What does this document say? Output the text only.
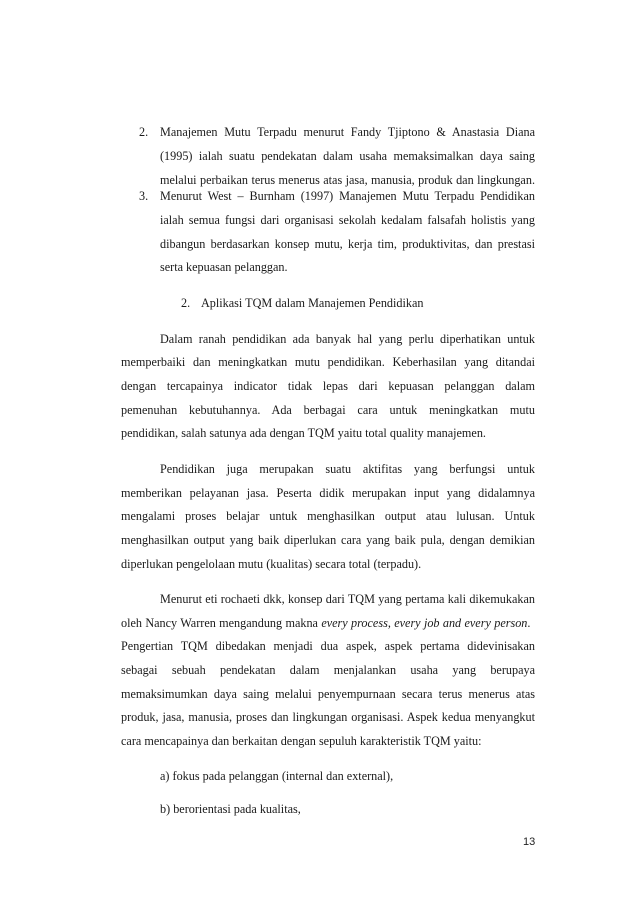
2. Manajemen Mutu Terpadu menurut Fandy Tjiptono & Anastasia Diana
(1995) ialah suatu pendekatan dalam usaha memaksimalkan daya saing
melalui perbaikan terus menerus atas jasa, manusia, produk dan lingkungan.
3. Menurut West – Burnham (1997) Manajemen Mutu Terpadu Pendidikan
ialah semua fungsi dari organisasi sekolah kedalam falsafah holistis yang
dibangun berdasarkan konsep mutu, kerja tim, produktivitas, dan prestasi
serta kepuasan pelanggan.
2. Aplikasi TQM dalam Manajemen Pendidikan
Dalam ranah pendidikan ada banyak hal yang perlu diperhatikan untuk
memperbaiki dan meningkatkan mutu pendidikan. Keberhasilan yang ditandai
dengan tercapainya indicator tidak lepas dari kepuasan pelanggan dalam
pemenuhan kebutuhannya. Ada berbagai cara untuk meningkatkan mutu
pendidikan, salah satunya ada dengan TQM yaitu total quality manajemen.
Pendidikan juga merupakan suatu aktifitas yang berfungsi untuk
memberikan pelayanan jasa. Peserta didik merupakan input yang didalamnya
mengalami proses belajar untuk menghasilkan output atau lulusan. Untuk
menghasilkan output yang baik diperlukan cara yang baik pula, dengan demikian
diperlukan pengelolaan mutu (kualitas) secara total (terpadu).
Menurut eti rochaeti dkk, konsep dari TQM yang pertama kali dikemukakan
oleh Nancy Warren mengandung makna every process, every job and every person.
Pengertian TQM dibedakan menjadi dua aspek, aspek pertama didevinisakan
sebagai sebuah pendekatan dalam menjalankan usaha yang berupaya
memaksimumkan daya saing melalui penyempurnaan secara terus menerus atas
produk, jasa, manusia, proses dan lingkungan organisasi. Aspek kedua menyangkut
cara mencapainya dan berkaitan dengan sepuluh karakteristik TQM yaitu:
a) fokus pada pelanggan (internal dan external),
b) berorientasi pada kualitas,
13
